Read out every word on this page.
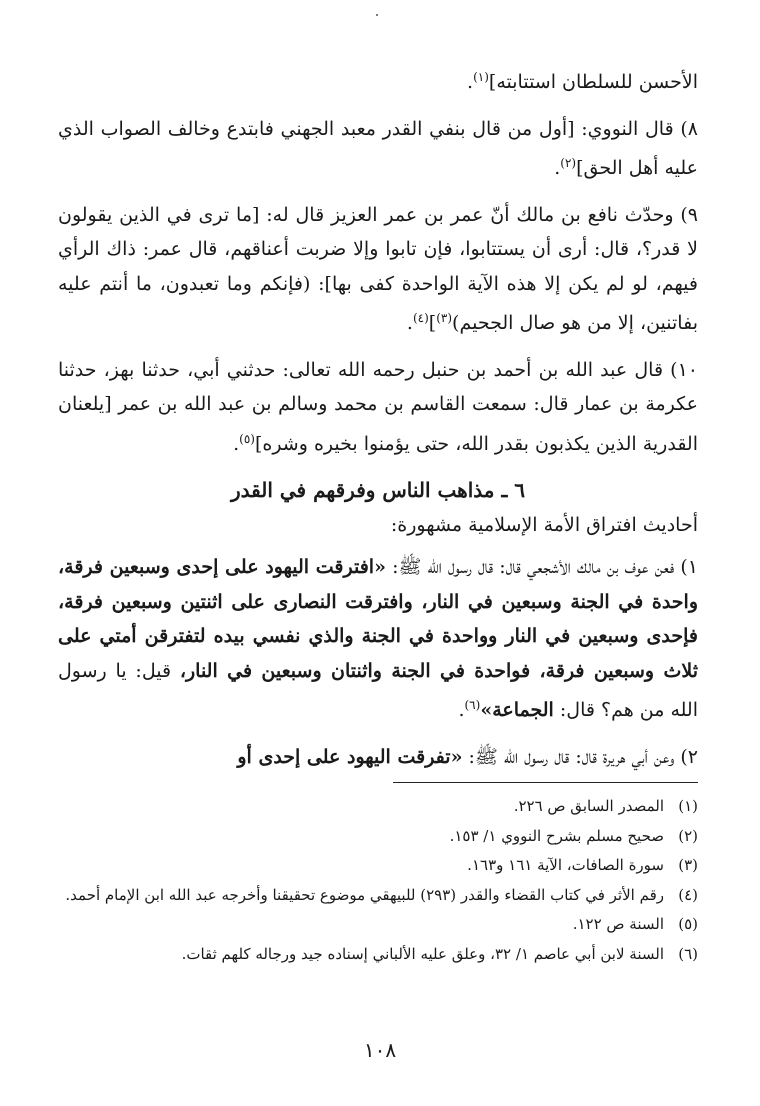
الأحسن للسلطان استتابته]$^{(١)}$.

٨) قال النووي: [أول من قال بنفي القدر معبد الجهني فابتدع وخالف الصواب الذي عليه أهل الحق]$^{(٢)}$.

٩) وحدّث نافع بن مالك أنّ عمر بن عمر العزيز قال له: [ما ترى في الذين يقولون لا قدر؟، قال: أرى أن يستتابوا، فإن تابوا وإلا ضربت أعناقهم، قال عمر: ذاك الرأي فيهم، لو لم يكن إلا هذه الآية الواحدة كفى بها]: (فإنكم وما تعبدون، ما أنتم عليه بفاتنين، إلا من هو صال الجحيم)$^{(٣)}$]$^{(٤)}$.

١٠) قال عبد الله بن أحمد بن حنبل رحمه الله تعالى: حدثني أبي، حدثنا بهز، حدثنا عكرمة بن عمار قال: سمعت القاسم بن محمد وسالم بن عبد الله بن عمر [يلعنان القدرية الذين يكذبون بقدر الله، حتى يؤمنوا بخيره وشره]$^{(٥)}$.

٦ ـ مذاهب الناس وفرقهم في القدر

أحاديث افتراق الأمة الإسلامية مشهورة:

١) فعن عوف بن مالك الأشجعي قال: قال رسول الله ﷺ: «افترقت اليهود على إحدى وسبعين فرقة، واحدة في الجنة وسبعين في النار، وافترقت النصارى على اثنتين وسبعين فرقة، فإحدى وسبعين في النار وواحدة في الجنة والذي نفسي بيده لتفترقن أمتي على ثلاث وسبعين فرقة، فواحدة في الجنة واثنتان وسبعين في النار، قيل: يا رسول الله من هم؟ قال: الجماعة»$^{(٦)}$.

٢) وعن أبي هريرة قال: قال رسول الله ﷺ: «تفرقت اليهود على إحدى أو

(١)
المصدر السابق ص ٢٢٦.
(٢)
صحيح مسلم بشرح النووي ١/ ١٥٣.
(٣)
سورة الصافات، الآية ١٦١ و١٦٣.
(٤)
رقم الأثر في كتاب القضاء والقدر (٢٩٣) للبيهقي موضوع تحقيقنا وأخرجه عبد الله ابن الإمام أحمد.
(٥)
السنة ص ١٢٢.
(٦)
السنة لابن أبي عاصم ١/ ٣٢، وعلق عليه الألباني إسناده جيد ورجاله كلهم ثقات.
١٠٨
